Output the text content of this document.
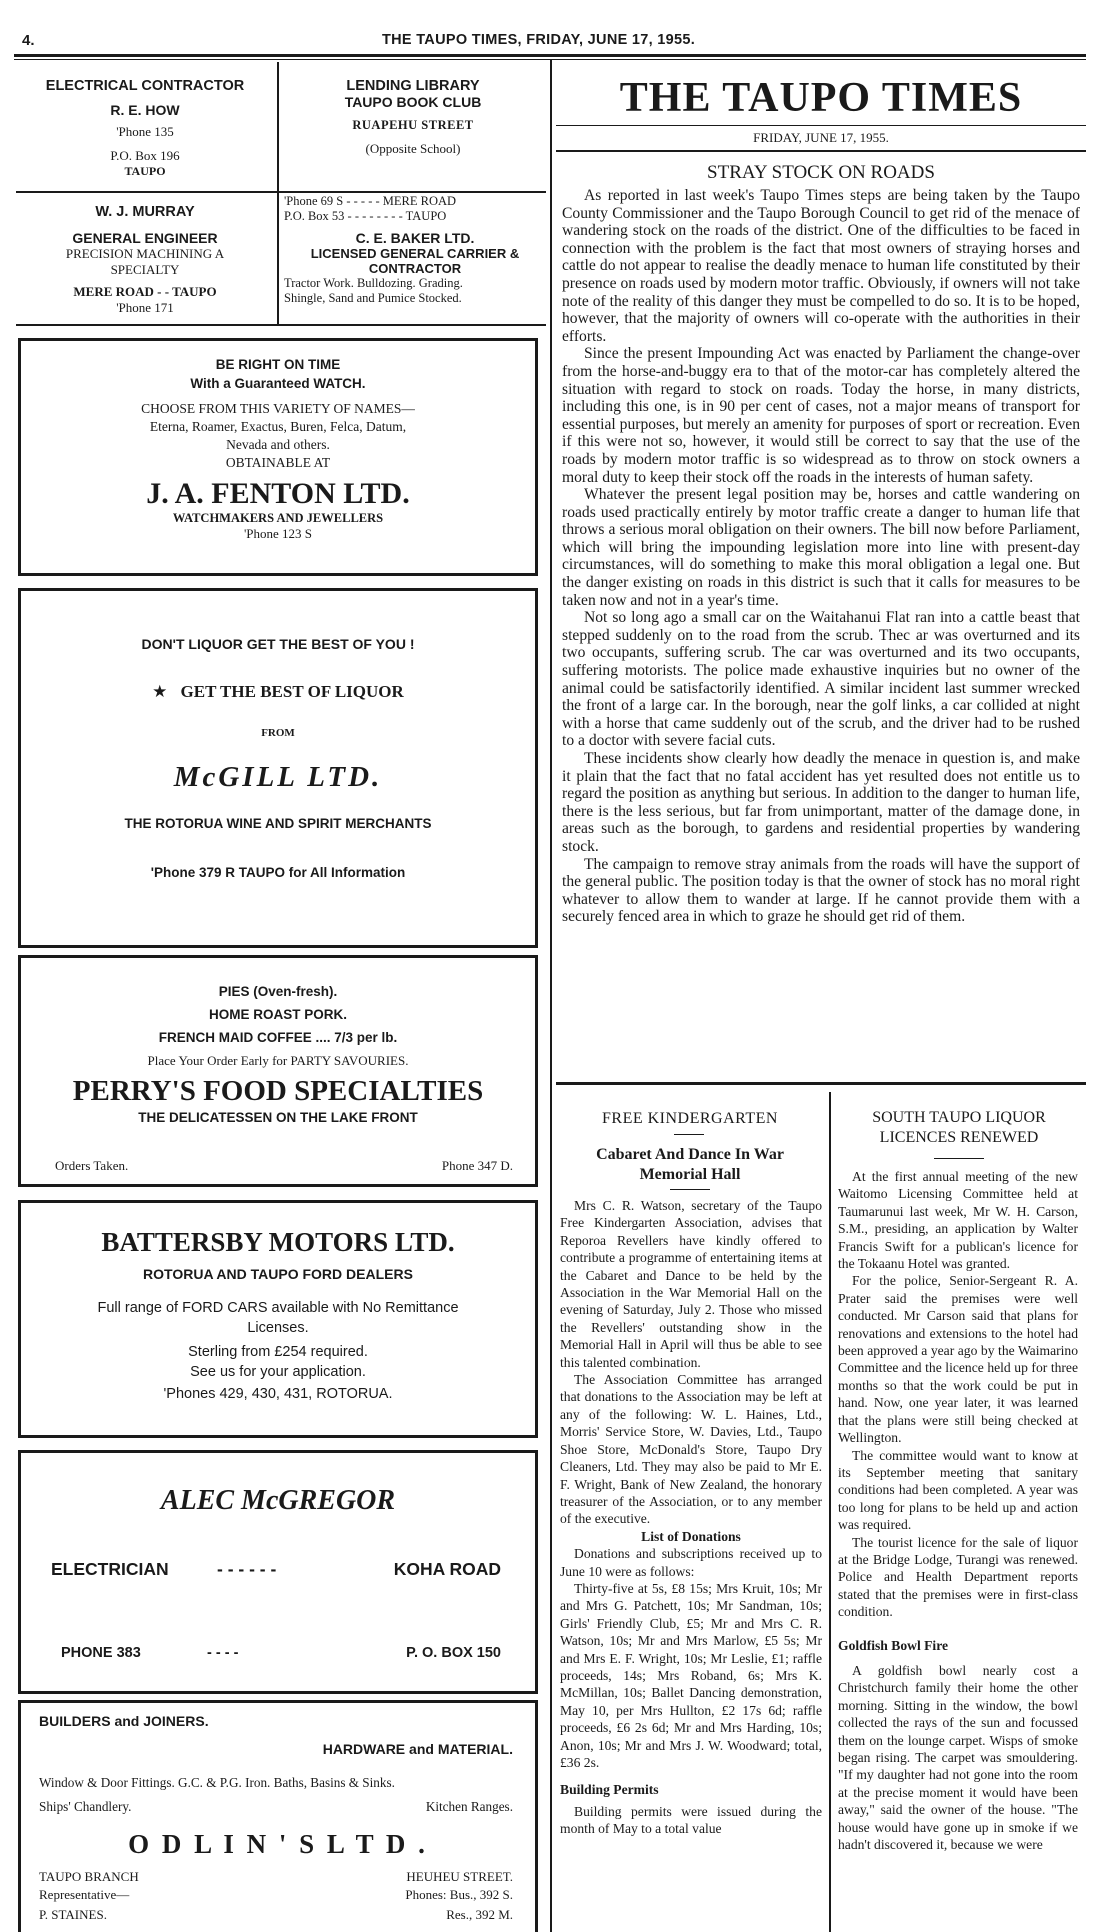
4.	THE TAUPO TIMES, FRIDAY, JUNE 17, 1955.
ELECTRICAL CONTRACTOR
R. E. HOW
'Phone 135
P.O. Box 196
TAUPO
LENDING LIBRARY
TAUPO BOOK CLUB
RUAPEHU STREET
(Opposite School)
W. J. MURRAY
GENERAL ENGINEER
PRECISION MACHINING A
SPECIALTY
MERE ROAD - - TAUPO
'Phone 171
'Phone 69 S - - - - - MERE ROAD
P.O. Box 53 - - - - - - - - TAUPO
C. E. BAKER LTD.
LICENSED GENERAL CARRIER &
CONTRACTOR
Tractor Work. Bulldozing. Grading.
Shingle, Sand and Pumice Stocked.
BE RIGHT ON TIME
With a Guaranteed WATCH.
CHOOSE FROM THIS VARIETY OF NAMES—
Eterna, Roamer, Exactus, Buren, Felca, Datum,
Nevada and others.
OBTAINABLE AT
J. A. FENTON LTD.
WATCHMAKERS AND JEWELLERS
'Phone 123 S
DON'T LIQUOR GET THE BEST OF YOU !
★ GET THE BEST OF LIQUOR
FROM
McGILL LTD.
THE ROTORUA WINE AND SPIRIT MERCHANTS
'Phone 379 R TAUPO for All Information
PIES (Oven-fresh).
HOME ROAST PORK.
FRENCH MAID COFFEE .... 7/3 per lb.
Place Your Order Early for PARTY SAVOURIES.
PERRY'S FOOD SPECIALTIES
THE DELICATESSEN ON THE LAKE FRONT
Orders Taken.	Phone 347 D.
BATTERSBY MOTORS LTD.
ROTORUA AND TAUPO FORD DEALERS
Full range of FORD CARS available with No Remittance
Licenses.
Sterling from £254 required.
See us for your application.
'Phones 429, 430, 431, ROTORUA.
ALEC McGREGOR
ELECTRICIAN	- - - - - -	KOHA ROAD
PHONE 383	- - - -	P. O. BOX 150
BUILDERS and JOINERS.
HARDWARE and MATERIAL.
Window & Door Fittings. G.C. & P.G. Iron. Baths, Basins & Sinks.
Ships' Chandlery.	Kitchen Ranges.
O D L I N ' S L T D .
TAUPO BRANCH	HEUHEU STREET.
Representative—	Phones: Bus., 392 S.
P. STAINES.	Res., 392 M.
THE TAUPO TIMES
FRIDAY, JUNE 17, 1955.
STRAY STOCK ON ROADS

As reported in last week's Taupo Times steps are being taken by the Taupo County Commissioner and the Taupo Borough Council to get rid of the menace of wandering stock on the roads of the district. One of the difficulties to be faced in connection with the problem is the fact that most owners of straying horses and cattle do not appear to realise the deadly menace to human life constituted by their presence on roads used by modern motor traffic. Obviously, if owners will not take note of the reality of this danger they must be compelled to do so. It is to be hoped, however, that the majority of owners will co-operate with the authorities in their efforts.

Since the present Impounding Act was enacted by Parliament the change-over from the horse-and-buggy era to that of the motor-car has completely altered the situation with regard to stock on roads. Today the horse, in many districts, including this one, is in 90 per cent of cases, not a major means of transport for essential purposes, but merely an amenity for purposes of sport or recreation. Even if this were not so, however, it would still be correct to say that the use of the roads by modern motor traffic is so widespread as to throw on stock owners a moral duty to keep their stock off the roads in the interests of human safety.

Whatever the present legal position may be, horses and cattle wandering on roads used practically entirely by motor traffic create a danger to human life that throws a serious moral obligation on their owners. The bill now before Parliament, which will bring the impounding legislation more into line with present-day circumstances, will do something to make this moral obligation a legal one. But the danger existing on roads in this district is such that it calls for measures to be taken now and not in a year's time.

Not so long ago a small car on the Waitahanui Flat ran into a cattle beast that stepped suddenly on to the road from the scrub. Thec ar was overturned and its two occupants, suffering scrub. The car was overturned and its two occupants, suffering motorists. The police made exhaustive inquiries but no owner of the animal could be satisfactorily identified. A similar incident last summer wrecked the front of a large car. In the borough, near the golf links, a car collided at night with a horse that came suddenly out of the scrub, and the driver had to be rushed to a doctor with severe facial cuts.

These incidents show clearly how deadly the menace in question is, and make it plain that the fact that no fatal accident has yet resulted does not entitle us to regard the position as anything but serious. In addition to the danger to human life, there is the less serious, but far from unimportant, matter of the damage done, in areas such as the borough, to gardens and residential properties by wandering stock.

The campaign to remove stray animals from the roads will have the support of the general public. The position today is that the owner of stock has no moral right whatever to allow them to wander at large. If he cannot provide them with a securely fenced area in which to graze he should get rid of them.

FREE KINDERGARTEN
Cabaret And Dance In War Memorial Hall

Mrs C. R. Watson, secretary of the Taupo Free Kindergarten Association, advises that Reporoa Revellers have kindly offered to contribute a programme of entertaining items at the Cabaret and Dance to be held by the Association in the War Memorial Hall on the evening of Saturday, July 2. Those who missed the Revellers' outstanding show in the Memorial Hall in April will thus be able to see this talented combination.

The Association Committee has arranged that donations to the Association may be left at any of the following: W. L. Haines, Ltd., Morris' Service Store, W. Davies, Ltd., Taupo Shoe Store, McDonald's Store, Taupo Dry Cleaners, Ltd. They may also be paid to Mr E. F. Wright, Bank of New Zealand, the honorary treasurer of the Association, or to any member of the executive.

List of Donations

Donations and subscriptions received up to June 10 were as follows:

Thirty-five at 5s, £8 15s; Mrs Kruit, 10s; Mr and Mrs G. Patchett, 10s; Mr Sandman, 10s; Girls' Friendly Club, £5; Mr and Mrs C. R. Watson, 10s; Mr and Mrs Marlow, £5 5s; Mr and Mrs E. F. Wright, 10s; Mr Leslie, £1; raffle proceeds, 14s; Mrs Roband, 6s; Mrs K. McMillan, 10s; Ballet Dancing demonstration, May 10, per Mrs Hullton, £2 17s 6d; raffle proceeds, £6 2s 6d; Mr and Mrs Harding, 10s; Anon, 10s; Mr and Mrs J. W. Woodward; total, £36 2s.

Building Permits

Building permits were issued during the month of May to a total value

SOUTH TAUPO LIQUOR LICENCES RENEWED

At the first annual meeting of the new Waitomo Licensing Committee held at Taumarunui last week, Mr W. H. Carson, S.M., presiding, an application by Walter Francis Swift for a publican's licence for the Tokaanu Hotel was granted.

For the police, Senior-Sergeant R. A. Prater said the premises were well conducted. Mr Carson said that plans for renovations and extensions to the hotel had been approved a year ago by the Waimarino Committee and the licence held up for three months so that the work could be put in hand. Now, one year later, it was learned that the plans were still being checked at Wellington.

The committee would want to know at its September meeting that sanitary conditions had been completed. A year was too long for plans to be held up and action was required.

The tourist licence for the sale of liquor at the Bridge Lodge, Turangi was renewed. Police and Health Department reports stated that the premises were in first-class condition.

Goldfish Bowl Fire

A goldfish bowl nearly cost a Christchurch family their home the other morning. Sitting in the window, the bowl collected the rays of the sun and focussed them on the lounge carpet. Wisps of smoke began rising. The carpet was smouldering. "If my daughter had not gone into the room at the precise moment it would have been away," said the owner of the house. "The house would have gone up in smoke if we hadn't discovered it, because we were
